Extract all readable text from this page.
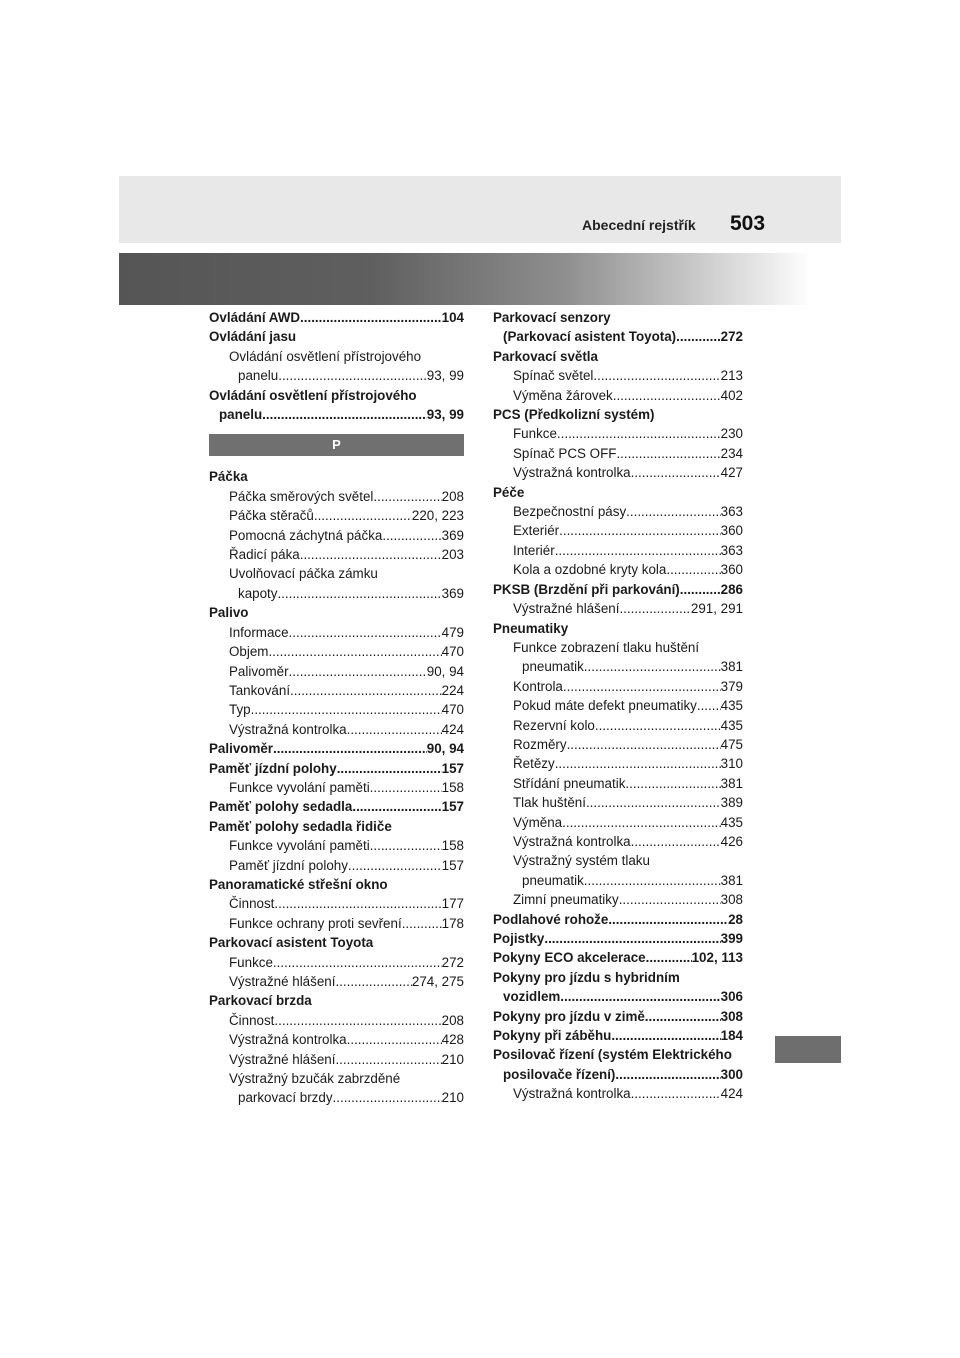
Abecední rejstřík 503
Ovládání AWD .....	104
Ovládání jasu
Ovládání osvětlení přístrojového
panelu .....	93, 99
Ovládání osvětlení přístrojového
panelu .....	93, 99
P
Páčka
Páčka směrových světel .....	208
Páčka stěračů .....	220, 223
Pomocná záchytná páčka .....	369
Řadicí páka .....	203
Uvolňovací páčka zámku
kapoty .....	369
Palivo
Informace .....	479
Objem .....	470
Palivoměr .....	90, 94
Tankování .....	224
Typ .....	470
Výstražná kontrolka .....	424
Palivoměr .....	90, 94
Paměť jízdní polohy .....	157
Funkce vyvolání paměti .....	158
Paměť polohy sedadla .....	157
Paměť polohy sedadla řidiče
Funkce vyvolání paměti .....	158
Paměť jízdní polohy .....	157
Panoramatické střešní okno
Činnost .....	177
Funkce ochrany proti sevření .....	178
Parkovací asistent Toyota
Funkce .....	272
Výstražné hlášení .....	274, 275
Parkovací brzda
Činnost .....	208
Výstražná kontrolka .....	428
Výstražné hlášení .....	210
Výstražný bzučák zabrzděné
parkovací brzdy .....	210
Parkovací senzory
(Parkovací asistent Toyota) .....	272
Parkovací světla
Spínač světel .....	213
Výměna žárovek .....	402
PCS (Předkolizní systém)
Funkce .....	230
Spínač PCS OFF .....	234
Výstražná kontrolka .....	427
Péče
Bezpečnostní pásy .....	363
Exteriér .....	360
Interiér .....	363
Kola a ozdobné kryty kola .....	360
PKSB (Brzdění při parkování) .....	286
Výstražné hlášení .....	291, 291
Pneumatiky
Funkce zobrazení tlaku huštění
pneumatik .....	381
Kontrola .....	379
Pokud máte defekt pneumatiky ..... 435
Rezervní kolo .....	435
Rozměry .....	475
Řetězy .....	310
Střídání pneumatik .....	381
Tlak huštění .....	389
Výměna .....	435
Výstražná kontrolka .....	426
Výstražný systém tlaku
pneumatik .....	381
Zimní pneumatiky .....	308
Podlahové rohože .....	28
Pojistky .....	399
Pokyny ECO akcelerace .....	102, 113
Pokyny pro jízdu s hybridním
vozidlem .....	306
Pokyny pro jízdu v zimě .....	308
Pokyny při záběhu .....	184
Posilovač řízení (systém Elektrického
posilovače řízení) .....	300
Výstražná kontrolka .....	424
